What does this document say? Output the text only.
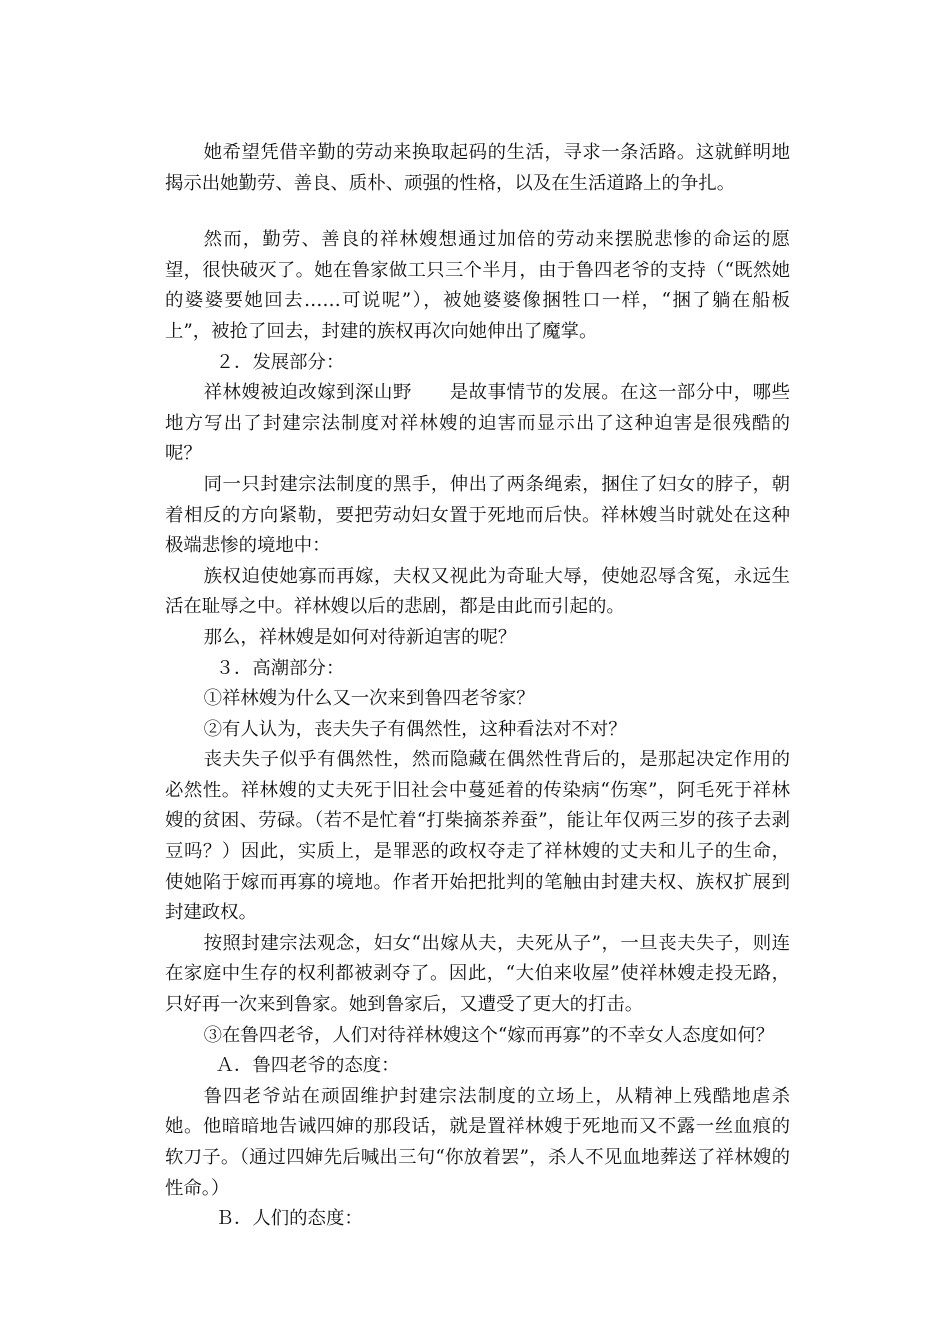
她希望凭借辛勤的劳动来换取起码的生活，寻求一条活路。这就鲜明地揭示出她勤劳、善良、质朴、顽强的性格，以及在生活道路上的争扎。

然而，勤劳、善良的祥林嫂想通过加倍的劳动来摆脱悲惨的命运的愿望，很快破灭了。她在鲁家做工只三个半月，由于鲁四老爷的支持（“既然她的婆婆要她回去……可说呢”），被她婆婆像捆牲口一样，“捆了躺在船板上”，被抢了回去，封建的族权再次向她伸出了魔掌。

２．发展部分：

祥林嫂被迫改嫁到深山野　　是故事情节的发展。在这一部分中，哪些地方写出了封建宗法制度对祥林嫂的迫害而显示出了这种迫害是很残酷的呢？

同一只封建宗法制度的黑手，伸出了两条绳索，捆住了妇女的脖子，朝着相反的方向紧勒，要把劳动妇女置于死地而后快。祥林嫂当时就处在这种极端悲惨的境地中：

族权迫使她寡而再嫁，夫权又视此为奇耻大辱，使她忍辱含冤，永远生活在耻辱之中。祥林嫂以后的悲剧，都是由此而引起的。

那么，祥林嫂是如何对待新迫害的呢？

３．高潮部分：

①祥林嫂为什么又一次来到鲁四老爷家？

②有人认为，丧夫失子有偶然性，这种看法对不对？

丧夫失子似乎有偶然性，然而隐藏在偶然性背后的，是那起决定作用的必然性。祥林嫂的丈夫死于旧社会中蔓延着的传染病“伤寒”，阿毛死于祥林嫂的贫困、劳碌。（若不是忙着“打柴摘茶养蚕”，能让年仅两三岁的孩子去剥豆吗？）因此，实质上，是罪恶的政权夺走了祥林嫂的丈夫和儿子的生命，使她陷于嫁而再寡的境地。作者开始把批判的笔触由封建夫权、族权扩展到封建政权。

按照封建宗法观念，妇女“出嫁从夫，夫死从子”，一旦丧夫失子，则连在家庭中生存的权利都被剥夺了。因此，“大伯来收屋”使祥林嫂走投无路，只好再一次来到鲁家。她到鲁家后，又遭受了更大的打击。

③在鲁四老爷，人们对待祥林嫂这个“嫁而再寡”的不幸女人态度如何？

Ａ．鲁四老爷的态度：

鲁四老爷站在顽固维护封建宗法制度的立场上，从精神上残酷地虐杀她。他暗暗地告诫四婶的那段话，就是置祥林嫂于死地而又不露一丝血痕的软刀子。（通过四婶先后喊出三句“你放着罢”，杀人不见血地葬送了祥林嫂的性命。）

Ｂ．人们的态度：
